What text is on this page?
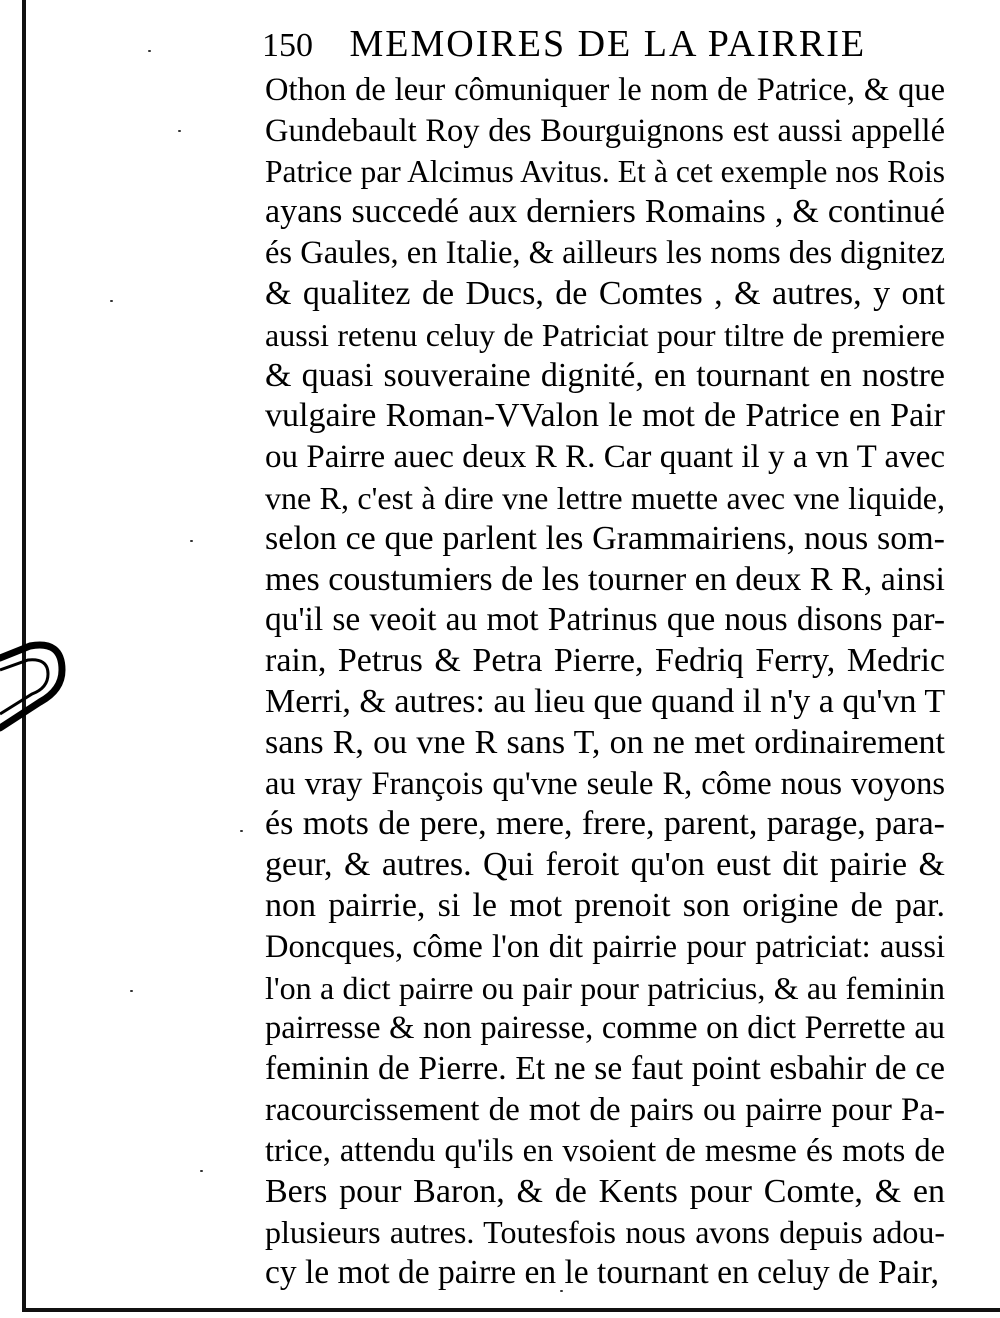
150 MEMOIRES DE LA PAIRRIE
Othon de leur cômuniquer le nom de Patrice, & que
Gundebault Roy des Bourguignons est aussi appellé
Patrice par Alcimus Avitus. Et à cet exemple nos Rois
ayans succedé aux derniers Romains , & continué
és Gaules, en Italie, & ailleurs les noms des dignitez
& qualitez de Ducs, de Comtes , & autres, y ont
aussi retenu celuy de Patriciat pour tiltre de premiere
& quasi souveraine dignité, en tournant en nostre
vulgaire Roman-VValon le mot de Patrice en Pair
ou Pairre auec deux R R. Car quant il y a vn T avec
vne R, c'est à dire vne lettre muette avec vne liquide,
selon ce que parlent les Grammairiens, nous som-
mes coustumiers de les tourner en deux R R, ainsi
qu'il se veoit au mot Patrinus que nous disons par-
rain, Petrus & Petra Pierre, Fedriq Ferry, Medric
Merri, & autres: au lieu que quand il n'y a qu'vn T
sans R, ou vne R sans T, on ne met ordinairement
au vray François qu'vne seule R, côme nous voyons
és mots de pere, mere, frere, parent, parage, para-
geur, & autres. Qui feroit qu'on eust dit pairie &
non pairrie, si le mot prenoit son origine de par.
Doncques, côme l'on dit pairrie pour patriciat: aussi
l'on a dict pairre ou pair pour patricius, & au feminin
pairresse & non pairesse, comme on dict Perrette au
feminin de Pierre. Et ne se faut point esbahir de ce
racourcissement de mot de pairs ou pairre pour Pa-
trice, attendu qu'ils en vsoient de mesme és mots de
Bers pour Baron, & de Kents pour Comte, & en
plusieurs autres. Toutesfois nous avons depuis adou-
cy le mot de pairre en le tournant en celuy de Pair,
